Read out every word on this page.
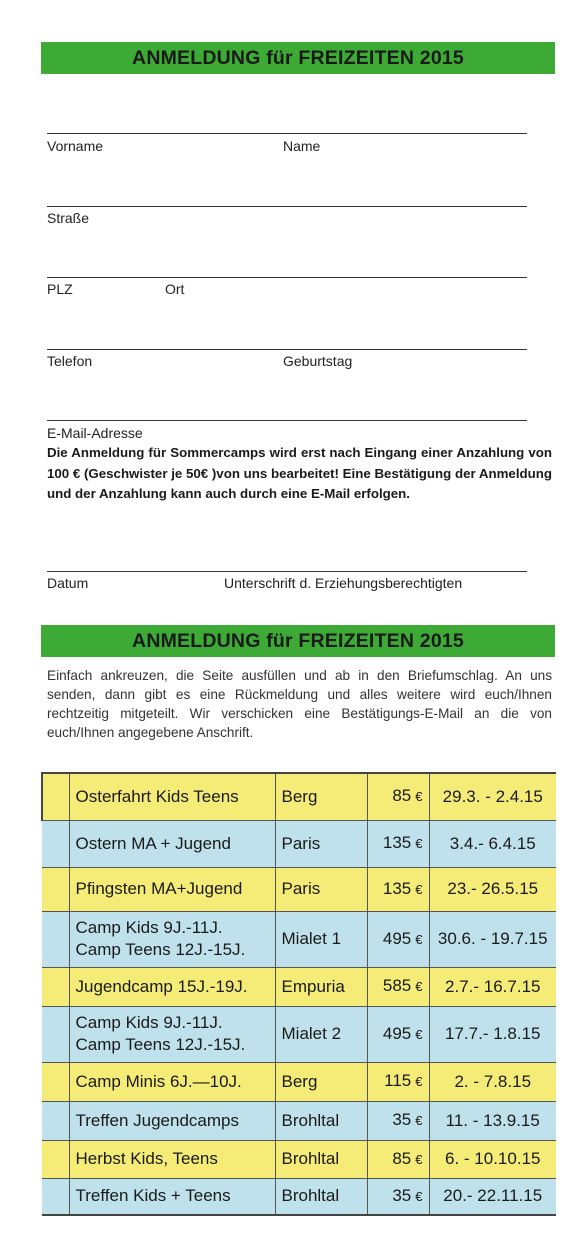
ANMELDUNG für FREIZEITEN 2015
Vorname	Name
Straße
PLZ	Ort
Telefon	Geburtstag
E-Mail-Adresse
Die Anmeldung für Sommercamps wird erst nach Eingang einer Anzahlung von 100 € (Geschwister je 50€ )von uns bearbeitet! Eine Bestätigung der Anmeldung und der Anzahlung kann auch durch eine E-Mail erfolgen.
Datum	Unterschrift d. Erziehungsberechtigten
ANMELDUNG für FREIZEITEN 2015
Einfach ankreuzen, die Seite ausfüllen und ab in den Briefumschlag. An uns senden, dann gibt es eine Rückmeldung und alles weitere wird euch/Ihnen rechtzeitig mitgeteilt. Wir verschicken eine Bestätigungs-E-Mail an die von euch/Ihnen angegebene Anschrift.

	Osterfahrt Kids Teens	Berg	85 €	29.3. - 2.4.15

	Ostern MA + Jugend	Paris	135 €	3.4.- 6.4.15

	Pfingsten MA+Jugend	Paris	135 €	23.- 26.5.15

	Camp Kids 9J.-11J.
Camp Teens 12J.-15J.	Mialet 1	495 €	30.6. - 19.7.15

	Jugendcamp 15J.-19J.	Empuria	585 €	2.7.- 16.7.15

	Camp Kids 9J.-11J.
Camp Teens 12J.-15J.	Mialet 2	495 €	17.7.- 1.8.15

	Camp Minis 6J.—10J.	Berg	115 €	2. - 7.8.15

	Treffen Jugendcamps	Brohltal	35 €	11. - 13.9.15

	Herbst Kids, Teens	Brohltal	85 €	6. - 10.10.15

	Treffen Kids + Teens	Brohltal	35 €	20.- 22.11.15
